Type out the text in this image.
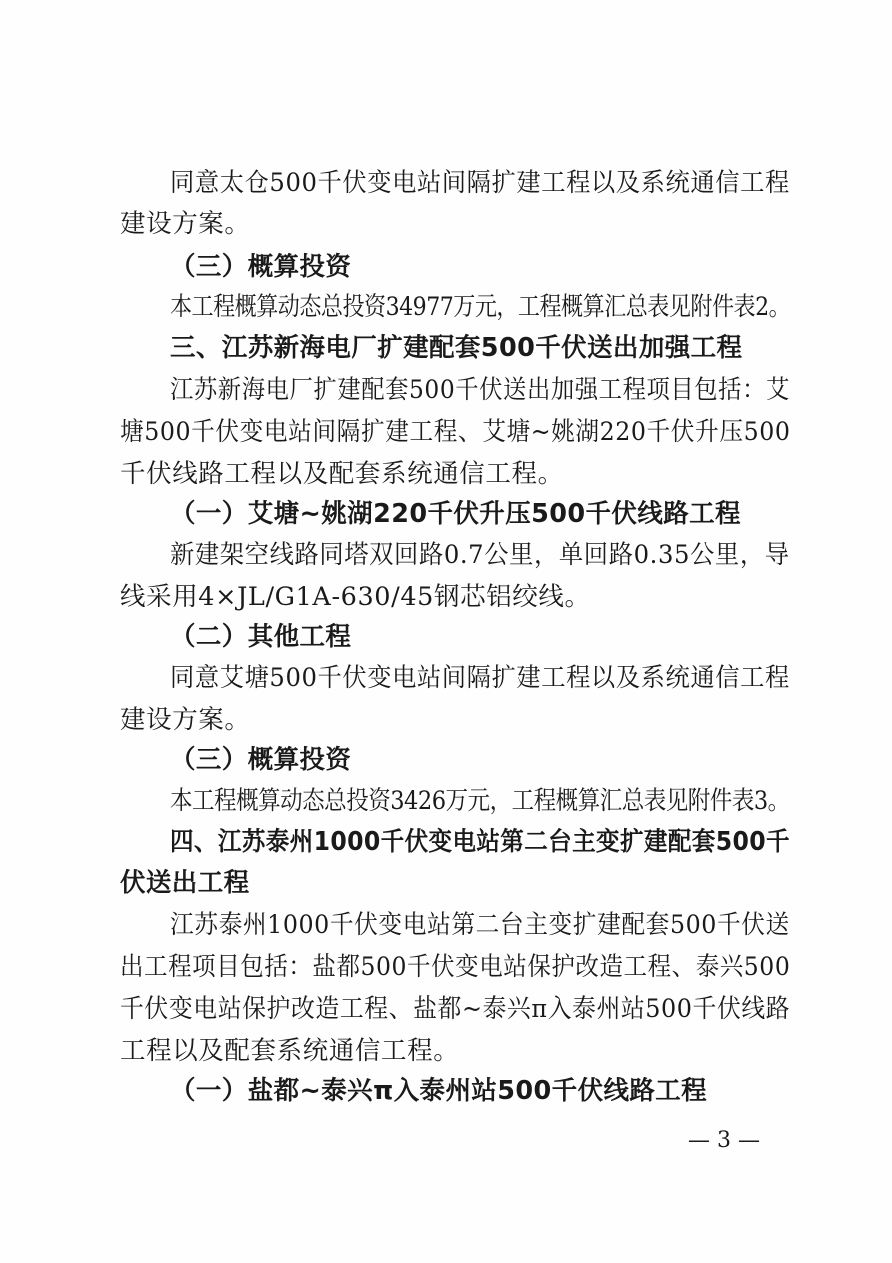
同意太仓500千伏变电站间隔扩建工程以及系统通信工程
建设方案。
（三）概算投资
本工程概算动态总投资34977万元，工程概算汇总表见附件表2。
三、江苏新海电厂扩建配套500千伏送出加强工程
江苏新海电厂扩建配套500千伏送出加强工程项目包括：艾
塘500千伏变电站间隔扩建工程、艾塘~姚湖220千伏升压500
千伏线路工程以及配套系统通信工程。
（一）艾塘~姚湖220千伏升压500千伏线路工程
新建架空线路同塔双回路0.7公里，单回路0.35公里，导
线采用4×JL/G1A-630/45钢芯铝绞线。
（二）其他工程
同意艾塘500千伏变电站间隔扩建工程以及系统通信工程
建设方案。
（三）概算投资
本工程概算动态总投资3426万元，工程概算汇总表见附件表3。
四、江苏泰州1000千伏变电站第二台主变扩建配套500千
伏送出工程
江苏泰州1000千伏变电站第二台主变扩建配套500千伏送
出工程项目包括：盐都500千伏变电站保护改造工程、泰兴500
千伏变电站保护改造工程、盐都~泰兴π入泰州站500千伏线路
工程以及配套系统通信工程。
（一）盐都~泰兴π入泰州站500千伏线路工程
— 3 —
